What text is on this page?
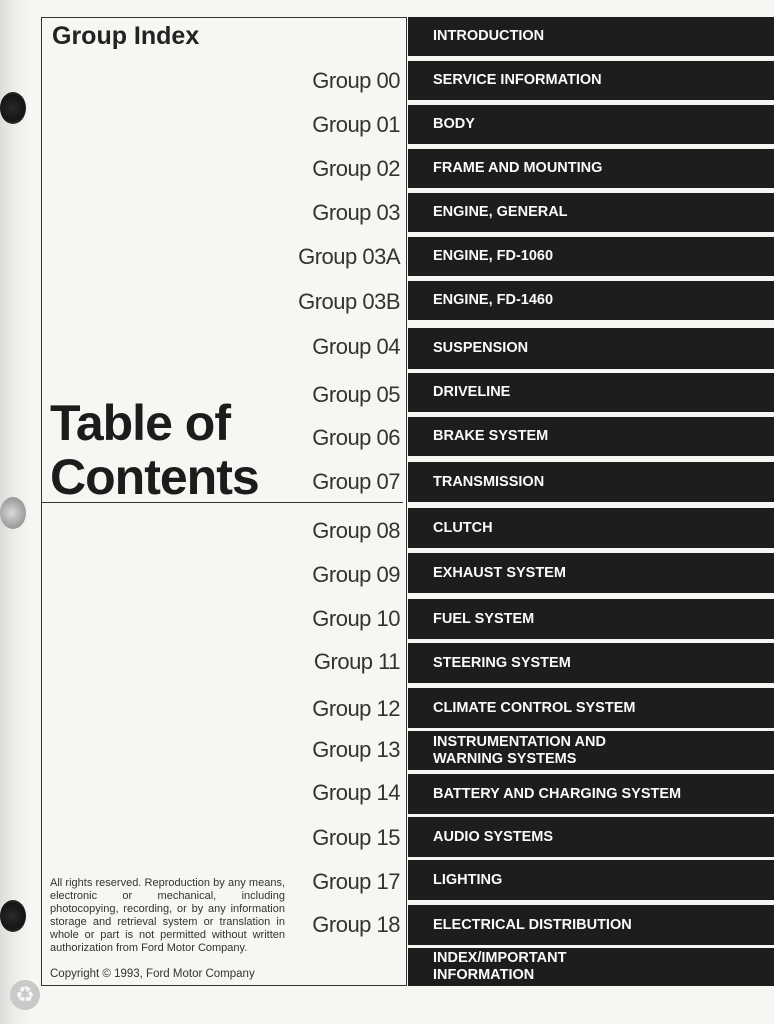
♻
Group Index
Table of
Contents
All rights reserved. Reproduction by any means, electronic or mechanical, including photocopying, recording, or by any information storage and retrieval system or translation in whole or part is not permitted without written authorization from Ford Motor Company.
Copyright © 1993, Ford Motor Company
Group 00
Group 01
Group 02
Group 03
Group 03A
Group 03B
Group 04
Group 05
Group 06
Group 07
Group 08
Group 09
Group 10
Group 11
Group 12
Group 13
Group 14
Group 15
Group 17
Group 18
INTRODUCTION
SERVICE INFORMATION
BODY
FRAME AND MOUNTING
ENGINE, GENERAL
ENGINE, FD-1060
ENGINE, FD-1460
SUSPENSION
DRIVELINE
BRAKE SYSTEM
TRANSMISSION
CLUTCH
EXHAUST SYSTEM
FUEL SYSTEM
STEERING SYSTEM
CLIMATE CONTROL SYSTEM
INSTRUMENTATION AND
WARNING SYSTEMS
BATTERY AND CHARGING SYSTEM
AUDIO SYSTEMS
LIGHTING
ELECTRICAL DISTRIBUTION
INDEX/IMPORTANT
INFORMATION
